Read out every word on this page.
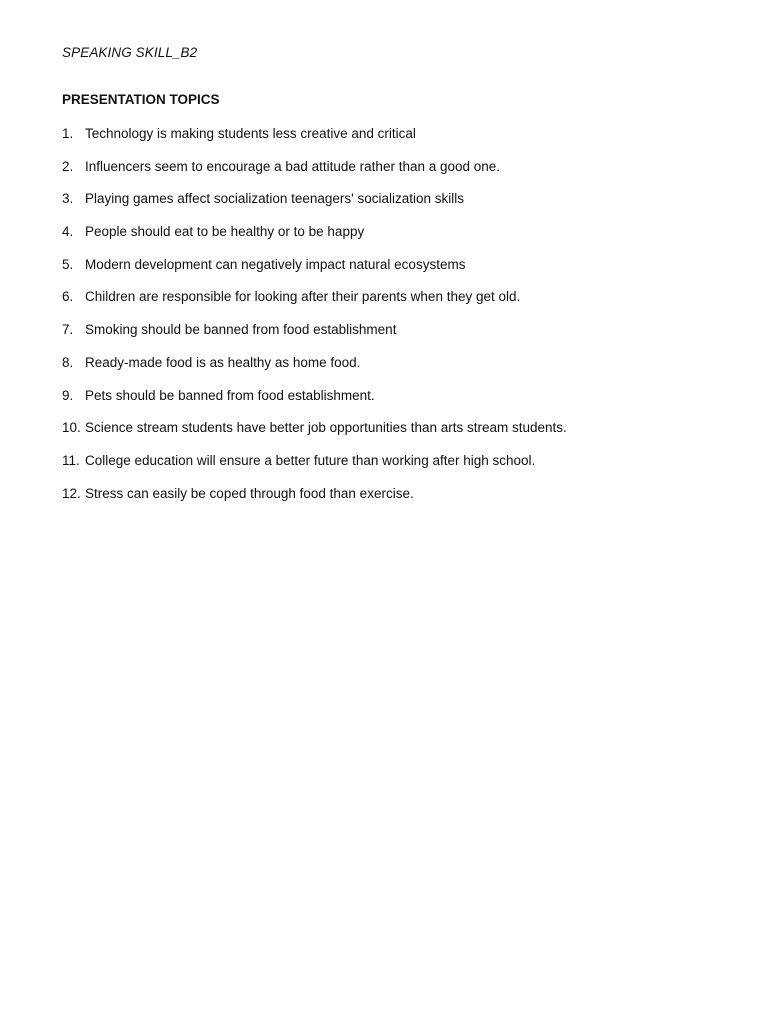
SPEAKING SKILL_B2
PRESENTATION TOPICS
1. Technology is making students less creative and critical
2. Influencers seem to encourage a bad attitude rather than a good one.
3. Playing games affect socialization teenagers' socialization skills
4. People should eat to be healthy or to be happy
5. Modern development can negatively impact natural ecosystems
6. Children are responsible for looking after their parents when they get old.
7. Smoking should be banned from food establishment
8. Ready-made food is as healthy as home food.
9. Pets should be banned from food establishment.
10. Science stream students have better job opportunities than arts stream students.
11. College education will ensure a better future than working after high school.
12. Stress can easily be coped through food than exercise.
